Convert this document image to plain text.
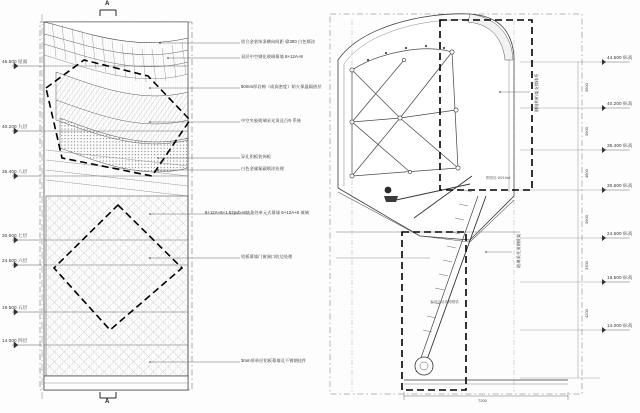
45.500 屋面
40.200 九层
35.400 八层
30.600 七层
24.600 六层
19.500 五层
14.000 四层
铝合金装饰条横向间距 @300 白色喷涂
双层中空钢化玻璃幕墙 8+12A+8
50mm厚岩棉（或高密度）防火保温隔热层
中空夹胶玻璃采光顶及百叶系统
穿孔铝板装饰板
白色金属氟碳喷涂处理
8+12A+8+1.52pvb+8转角处单元式幕墙 6+12A+6 玻璃
铝板幕墙门窗洞口收边处理
3mm厚单层铝板幕墙及不锈钢挂件
A
A
44.500 标高
40.200 标高
35.400 标高
30.600 标高
24.600 标高
19.500 标高
14.000 标高
3600
3600
4800
3600
3300
4200
钢结构桁架支撑体系
玻璃采光顶钢骨架
钢管柱 Ø219x8
室外自动扶梯钢梁
7200
